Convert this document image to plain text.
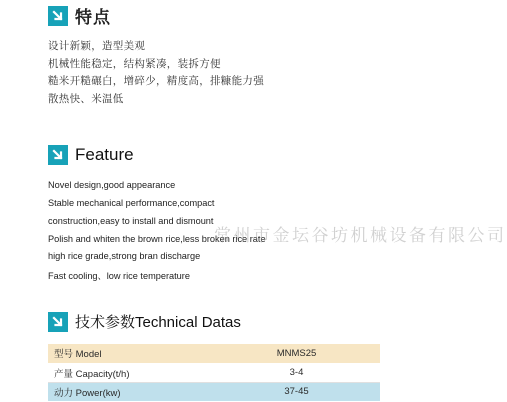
特点
设计新颖，造型美观
机械性能稳定，结构紧凑，装拆方便
糙米开糙碾白，增碎少，精度高，排糠能力强
散热快、米温低
Feature
Novel design,good appearance
Stable mechanical performance,compact
construction,easy to install and dismount
Polish and whiten the brown rice,less broken rice rate
high rice grade,strong bran discharge
Fast cooling、low rice temperature
常州市金坛谷坊机械设备有限公司
技术参数Technical Datas
型号 Model	MNMS25
产量 Capacity(t/h)	3-4
动力 Power(kw)	37-45
